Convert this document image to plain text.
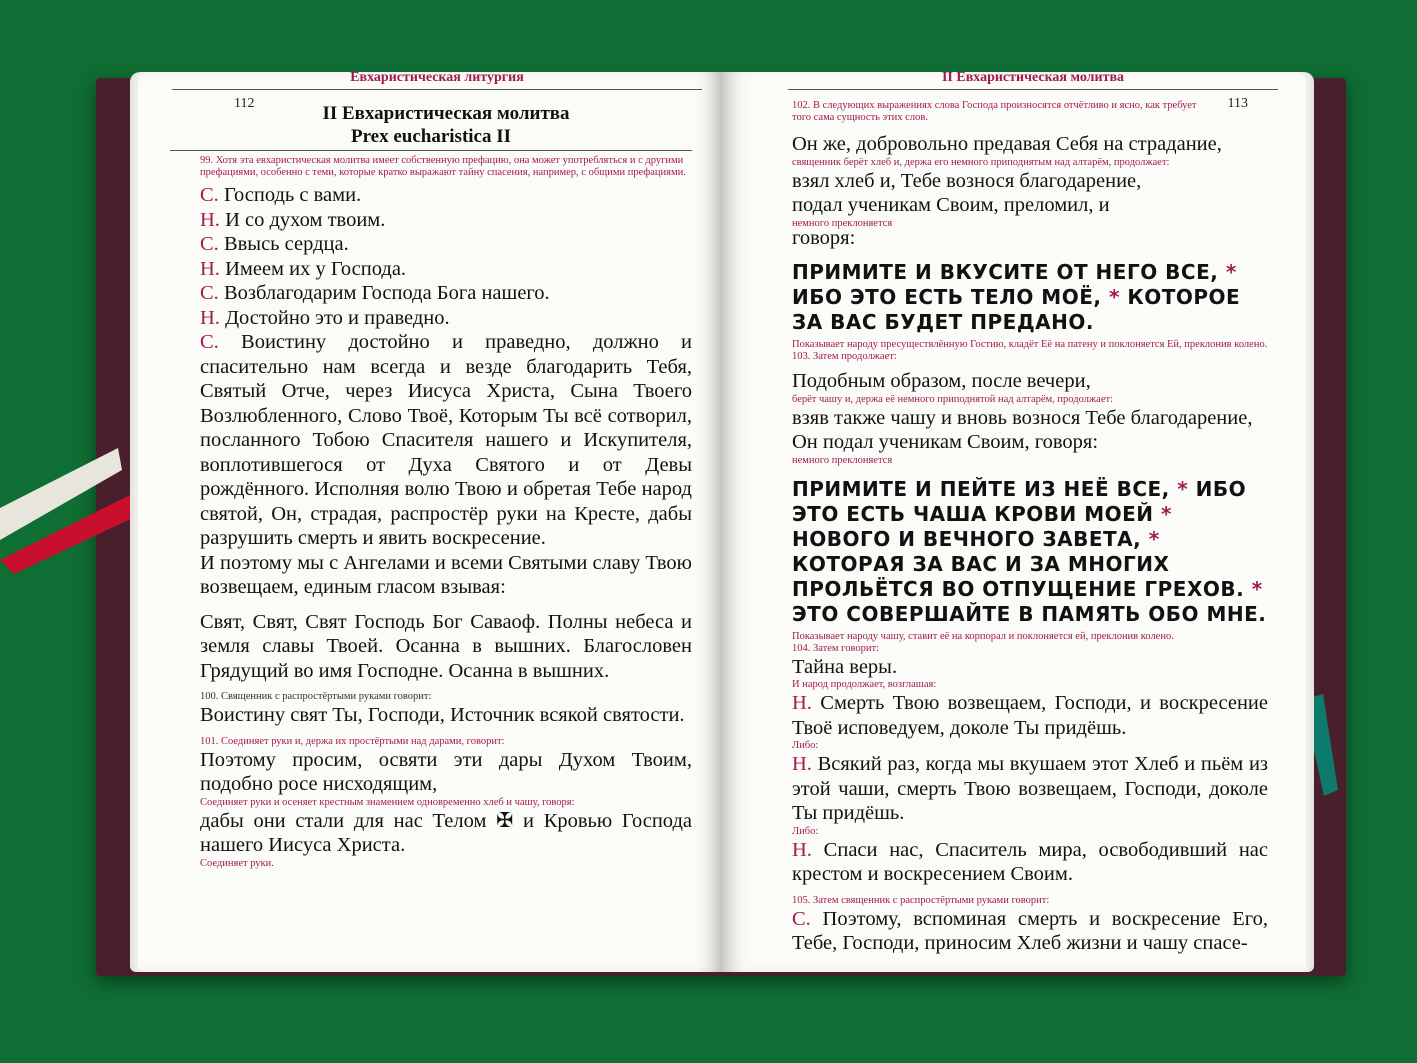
Евхаристическая литургия
112	II Евхаристическая молитва
Prex eucharistica II
99. Хотя эта евхаристическая молитва имеет собственную префацию, она может употребляться и с другими префациями, особенно с теми, которые кратко выражают тайну спасения, например, с общими префациями.

С. Господь с вами.

Н. И со духом твоим.

С. Ввысь сердца.

Н. Имеем их у Господа.

С. Возблагодарим Господа Бога нашего.

Н. Достойно это и праведно.

С. Воистину достойно и праведно, должно и спасительно нам всегда и везде благодарить Тебя, Святый Отче, через Иисуса Христа, Сына Твоего Возлюбленного, Слово Твоё, Которым Ты всё сотворил, посланного Тобою Спасителя нашего и Искупителя, воплотившегося от Духа Святого и от Девы рождённого. Исполняя волю Твою и обретая Тебе народ святой, Он, страдая, распростёр руки на Кресте, дабы разрушить смерть и явить воскресение.

И поэтому мы с Ангелами и всеми Святыми славу Твою возвещаем, единым гласом взывая:

Свят, Свят, Свят Господь Бог Саваоф. Полны небеса и земля славы Твоей. Осанна в вышних. Благословен Грядущий во имя Господне. Осанна в вышних.

100. Священник с распростёртыми руками говорит:
Воистину свят Ты, Господи, Источник всякой святости.
101. Соединяет руки и, держа их простёртыми над дарами, говорит:
Поэтому просим, освяти эти дары Духом Твоим, подобно росе нисходящим,
Соединяет руки и осеняет крестным знамением одновременно хлеб и чашу, говоря:
дабы они стали для нас Телом ✠ и Кровью Господа нашего Иисуса Христа.
Соединяет руки.
II Евхаристическая молитва
113
102. В следующих выражениях слова Господа произносятся отчётливо и ясно, как требует того сама сущность этих слов.

Он же, добровольно предавая Себя на страдание,

священник берёт хлеб и, держа его немного приподнятым над алтарём, продолжает:

взял хлеб и, Тебе вознося благодарение,

подал ученикам Своим, преломил, и

немного преклоняется

говоря:

ПРИМИТЕ И ВКУСИТЕ ОТ НЕГО ВСЕ, * ИБО ЭТО ЕСТЬ ТЕЛО МОЁ, * КОТОРОЕ ЗА ВАС БУДЕТ ПРЕДАНО.
Показывает народу пресуществлённую Гостию, кладёт Её на патену и поклоняется Ей, преклонив колено.
103. Затем продолжает:

Подобным образом, после вечери,

берёт чашу и, держа её немного приподнятой над алтарём, продолжает:

взяв также чашу и вновь вознося Тебе благодарение,

Он подал ученикам Своим, говоря:

немного преклоняется
ПРИМИТЕ И ПЕЙТЕ ИЗ НЕЁ ВСЕ, * ИБО ЭТО ЕСТЬ ЧАША КРОВИ МОЕЙ * НОВОГО И ВЕЧНОГО ЗАВЕТА, * КОТОРАЯ ЗА ВАС И ЗА МНОГИХ ПРОЛЬЁТСЯ ВО ОТПУЩЕНИЕ ГРЕХОВ. * ЭТО СОВЕРШАЙТЕ В ПАМЯТЬ ОБО МНЕ.
Показывает народу чашу, ставит её на корпорал и поклоняется ей, преклонив колено.
104. Затем говорит:
Тайна веры.
И народ продолжает, возглашая:

Н. Смерть Твою возвещаем, Господи, и воскресение Твоё исповедуем, доколе Ты придёшь.

Либо:

Н. Всякий раз, когда мы вкушаем этот Хлеб и пьём из этой чаши, смерть Твою возвещаем, Господи, доколе Ты придёшь.

Либо:

Н. Спаси нас, Спаситель мира, освободивший нас крестом и воскресением Своим.

105. Затем священник с распростёртыми руками говорит:
С. Поэтому, вспоминая смерть и воскресение Его, Тебе, Господи, приносим Хлеб жизни и чашу спасе-
